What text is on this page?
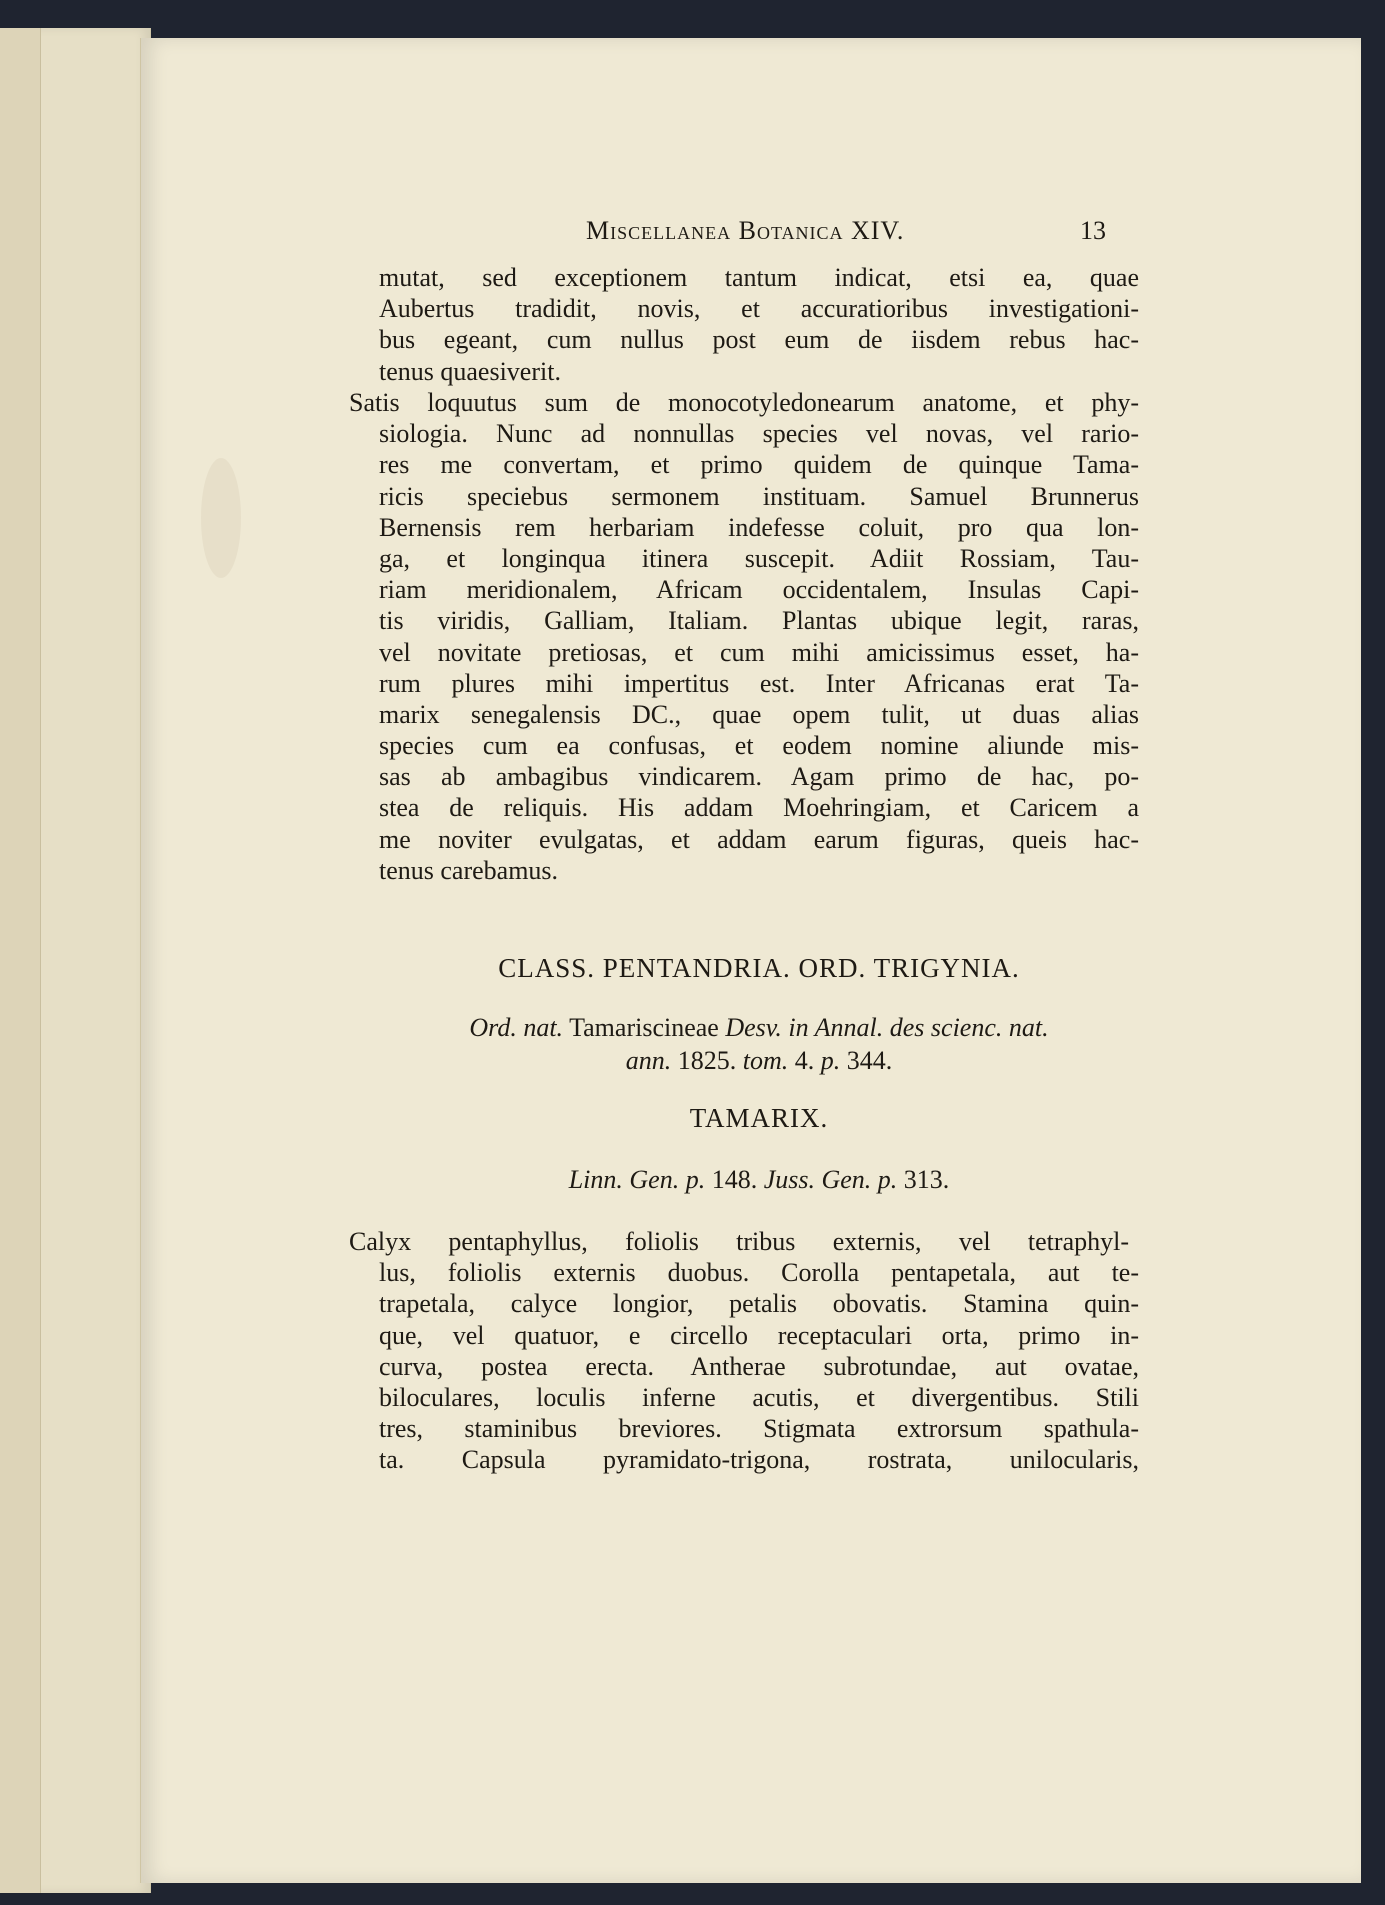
Miscellanea Botanica XIV.	13
mutat, sed exceptionem tantum indicat, etsi ea, quae
Aubertus tradidit, novis, et accuratioribus investigationi-
bus egeant, cum nullus post eum de iisdem rebus hac-
tenus quaesiverit.
Satis loquutus sum de monocotyledonearum anatome, et phy-
siologia. Nunc ad nonnullas species vel novas, vel rario-
res me convertam, et primo quidem de quinque Tama-
ricis speciebus sermonem instituam. Samuel Brunnerus
Bernensis rem herbariam indefesse coluit, pro qua lon-
ga, et longinqua itinera suscepit. Adiit Rossiam, Tau-
riam meridionalem, Africam occidentalem, Insulas Capi-
tis viridis, Galliam, Italiam. Plantas ubique legit, raras,
vel novitate pretiosas, et cum mihi amicissimus esset, ha-
rum plures mihi impertitus est. Inter Africanas erat Ta-
marix senegalensis DC., quae opem tulit, ut duas alias
species cum ea confusas, et eodem nomine aliunde mis-
sas ab ambagibus vindicarem. Agam primo de hac, po-
stea de reliquis. His addam Moehringiam, et Caricem a
me noviter evulgatas, et addam earum figuras, queis hac-
tenus carebamus.
CLASS. PENTANDRIA. ORD. TRIGYNIA.
Ord. nat. Tamariscineae Desv. in Annal. des scienc. nat.
ann. 1825. tom. 4. p. 344.
TAMARIX.
Linn. Gen. p. 148. Juss. Gen. p. 313.
Calyx pentaphyllus, foliolis tribus externis, vel tetraphyl-
lus, foliolis externis duobus. Corolla pentapetala, aut te-
trapetala, calyce longior, petalis obovatis. Stamina quin-
que, vel quatuor, e circello receptaculari orta, primo in-
curva, postea erecta. Antherae subrotundae, aut ovatae,
biloculares, loculis inferne acutis, et divergentibus. Stili
tres, staminibus breviores. Stigmata extrorsum spathula-
ta. Capsula pyramidato-trigona, rostrata, unilocularis,
